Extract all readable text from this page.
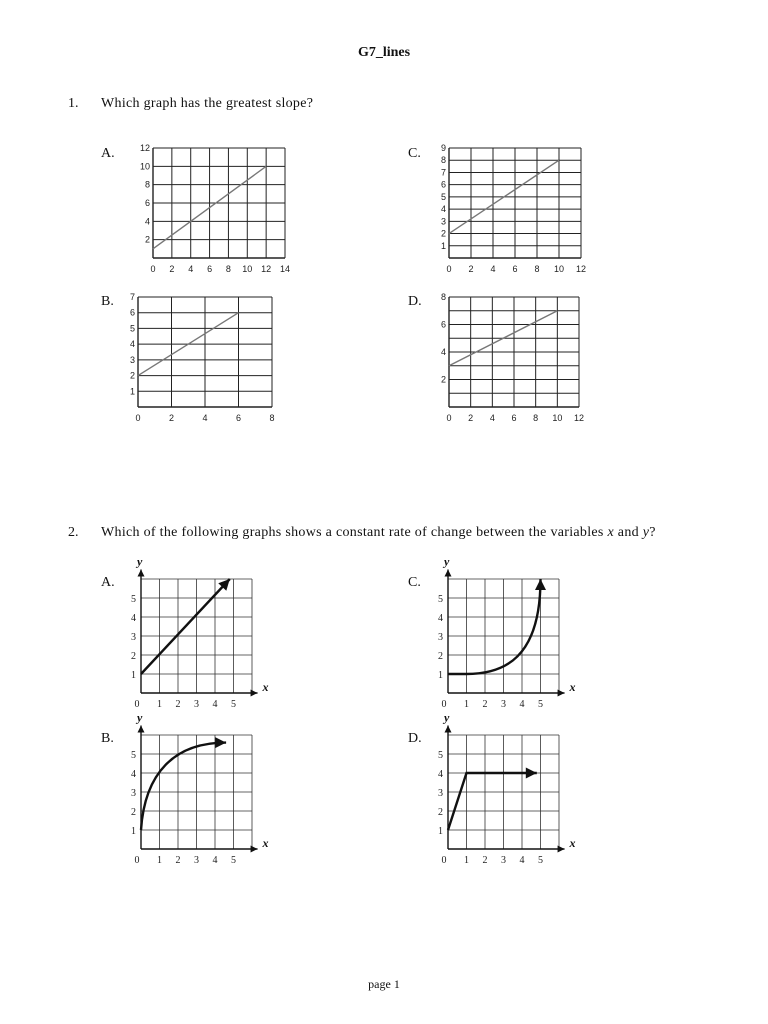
G7_lines
1. Which graph has the greatest slope?
A.
0 2 4 6 8 10 12 14
2
4
6
8
10
12
B.
0	2	4	6	8
1
2
3
4
5
6
7
C.
0 2 4 6 8 10 12
1
2
3
4
5
6
7
8
9
D.
0 2 4 6 8 10 12
2
4
6
8
2. Which of the following graphs shows a constant rate of change between the variables x and y?
A.
y
x
0 1 2 3 4 5
1
2
3
4
5
B.
y
x
0 1 2 3 4 5
1
2
3
4
5
C.
y
x
0 1 2 3 4 5
1
2
3
4
5
D.
y
x
0 1 2 3 4 5
1
2
3
4
5
page 1
